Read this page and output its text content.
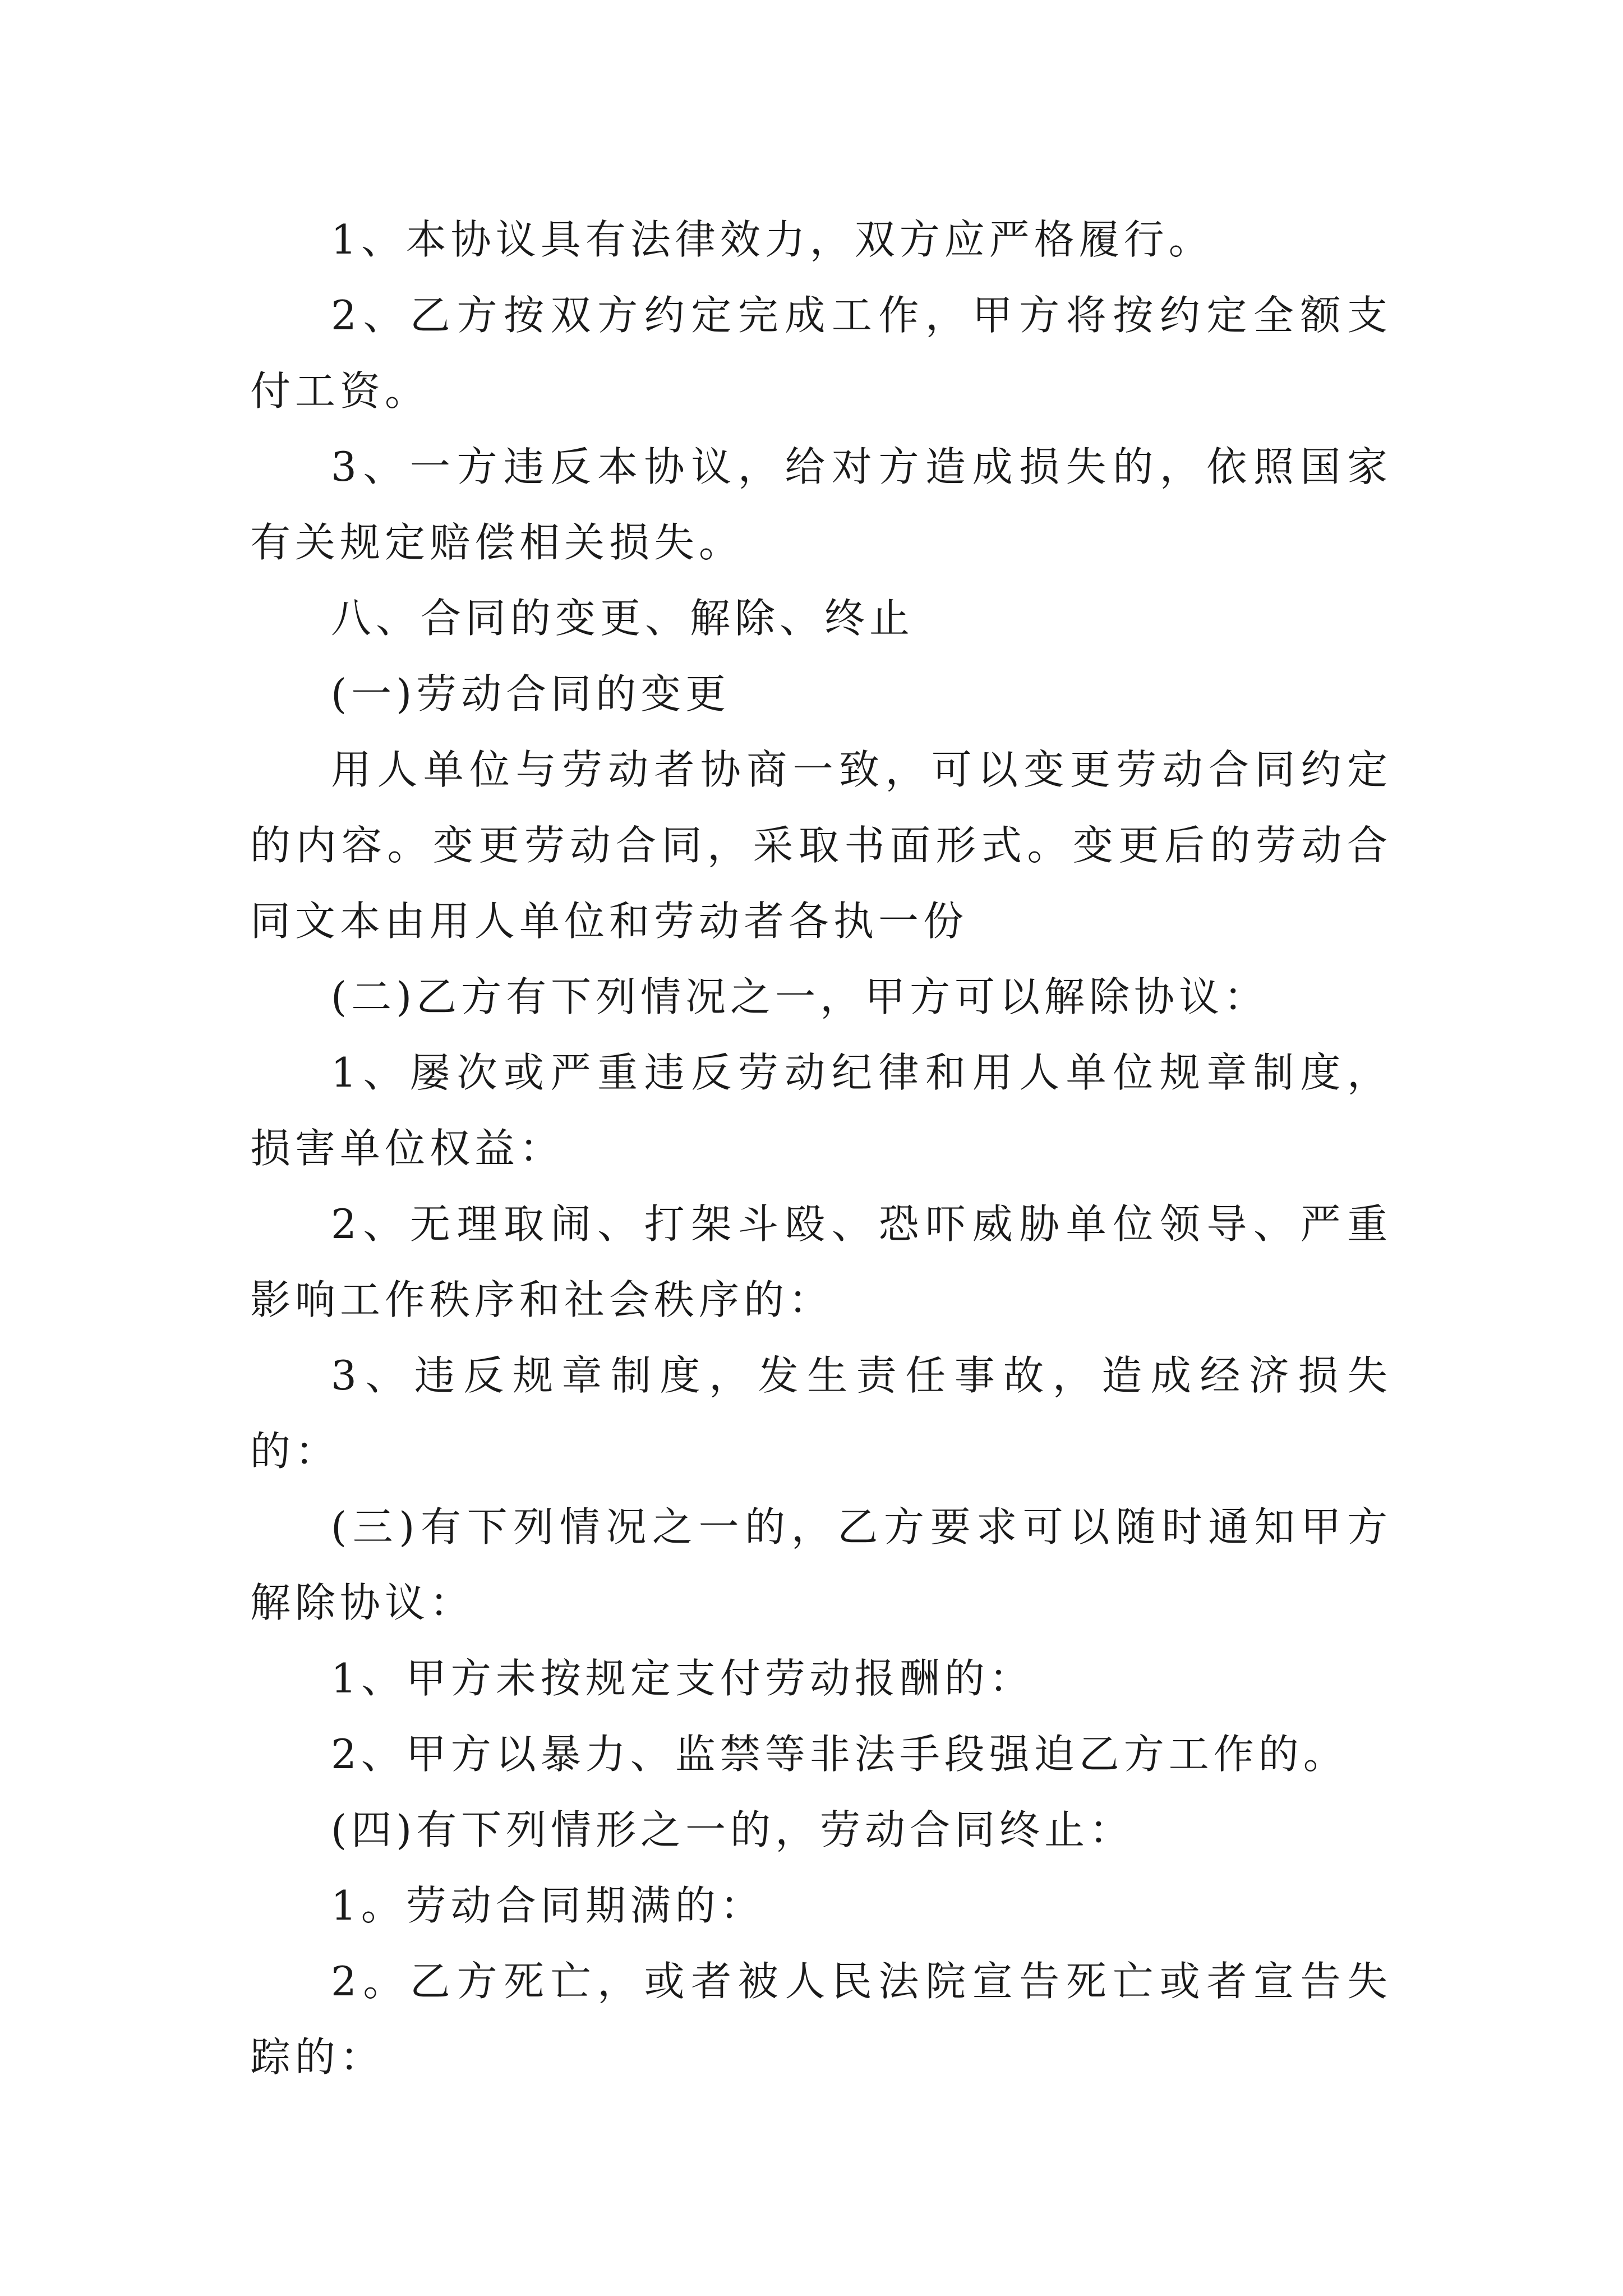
1、本协议具有法律效力，双方应严格履行。

2、乙方按双方约定完成工作，甲方将按约定全额支付工资。

3、一方违反本协议，给对方造成损失的，依照国家有关规定赔偿相关损失。

八、合同的变更、解除、终止

(一)劳动合同的变更

用人单位与劳动者协商一致，可以变更劳动合同约定的内容。变更劳动合同，采取书面形式。变更后的劳动合同文本由用人单位和劳动者各执一份

(二)乙方有下列情况之一，甲方可以解除协议：

1、屡次或严重违反劳动纪律和用人单位规章制度，损害单位权益：

2、无理取闹、打架斗殴、恐吓威胁单位领导、严重影响工作秩序和社会秩序的：

3、违反规章制度，发生责任事故，造成经济损失的：

(三)有下列情况之一的，乙方要求可以随时通知甲方解除协议：

1、甲方未按规定支付劳动报酬的：

2、甲方以暴力、监禁等非法手段强迫乙方工作的。

(四)有下列情形之一的，劳动合同终止：

1。劳动合同期满的：

2。乙方死亡，或者被人民法院宣告死亡或者宣告失踪的：
